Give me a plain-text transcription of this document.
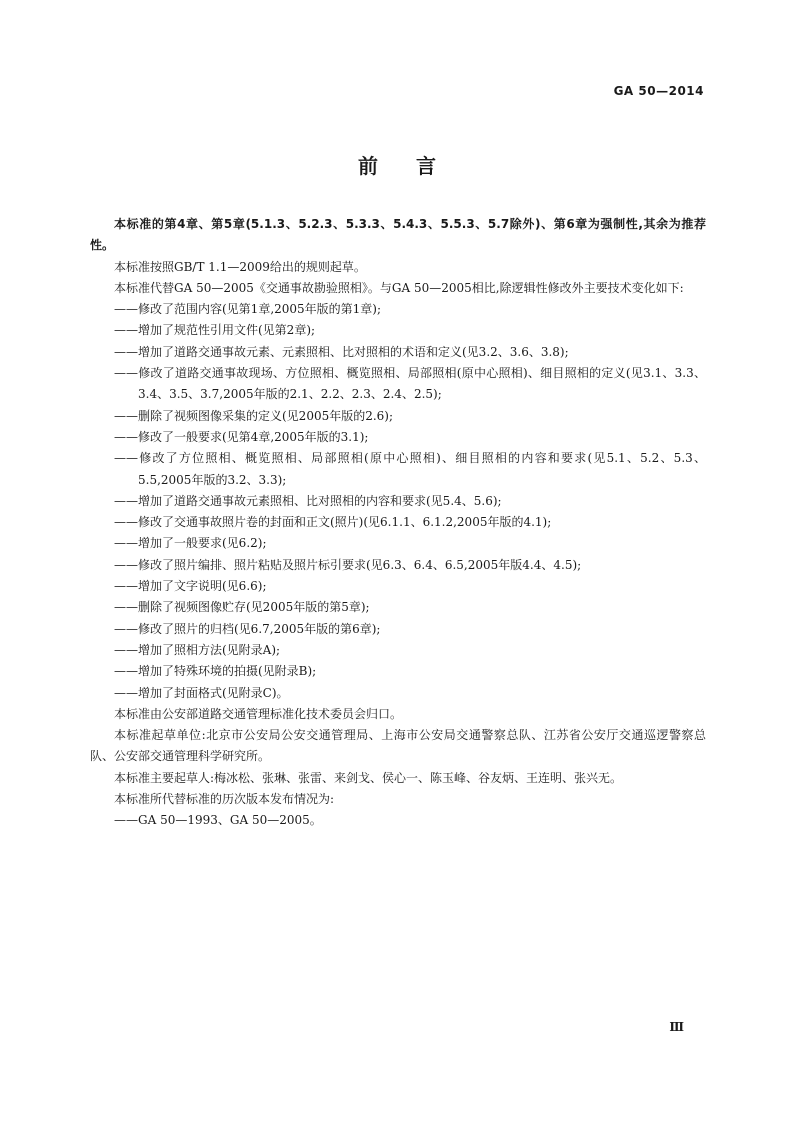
GA 50—2014
前言

本标准的第4章、第5章(5.1.3、5.2.3、5.3.3、5.4.3、5.5.3、5.7除外)、第6章为强制性,其余为推荐性。

本标准按照GB/T 1.1—2009给出的规则起草。

本标准代替GA 50—2005《交通事故勘验照相》。与GA 50—2005相比,除逻辑性修改外主要技术变化如下:

——修改了范围内容(见第1章,2005年版的第1章);

——增加了规范性引用文件(见第2章);

——增加了道路交通事故元素、元素照相、比对照相的术语和定义(见3.2、3.6、3.8);

——修改了道路交通事故现场、方位照相、概览照相、局部照相(原中心照相)、细目照相的定义(见3.1、3.3、3.4、3.5、3.7,2005年版的2.1、2.2、2.3、2.4、2.5);

——删除了视频图像采集的定义(见2005年版的2.6);

——修改了一般要求(见第4章,2005年版的3.1);

——修改了方位照相、概览照相、局部照相(原中心照相)、细目照相的内容和要求(见5.1、5.2、5.3、5.5,2005年版的3.2、3.3);

——增加了道路交通事故元素照相、比对照相的内容和要求(见5.4、5.6);

——修改了交通事故照片卷的封面和正文(照片)(见6.1.1、6.1.2,2005年版的4.1);

——增加了一般要求(见6.2);

——修改了照片编排、照片粘贴及照片标引要求(见6.3、6.4、6.5,2005年版4.4、4.5);

——增加了文字说明(见6.6);

——删除了视频图像贮存(见2005年版的第5章);

——修改了照片的归档(见6.7,2005年版的第6章);

——增加了照相方法(见附录A);

——增加了特殊环境的拍摄(见附录B);

——增加了封面格式(见附录C)。

本标准由公安部道路交通管理标准化技术委员会归口。

本标准起草单位:北京市公安局公安交通管理局、上海市公安局交通警察总队、江苏省公安厅交通巡逻警察总队、公安部交通管理科学研究所。

本标准主要起草人:梅冰松、张琳、张雷、来剑戈、侯心一、陈玉峰、谷友炳、王连明、张兴无。

本标准所代替标准的历次版本发布情况为:

——GA 50—1993、GA 50—2005。

Ⅲ
